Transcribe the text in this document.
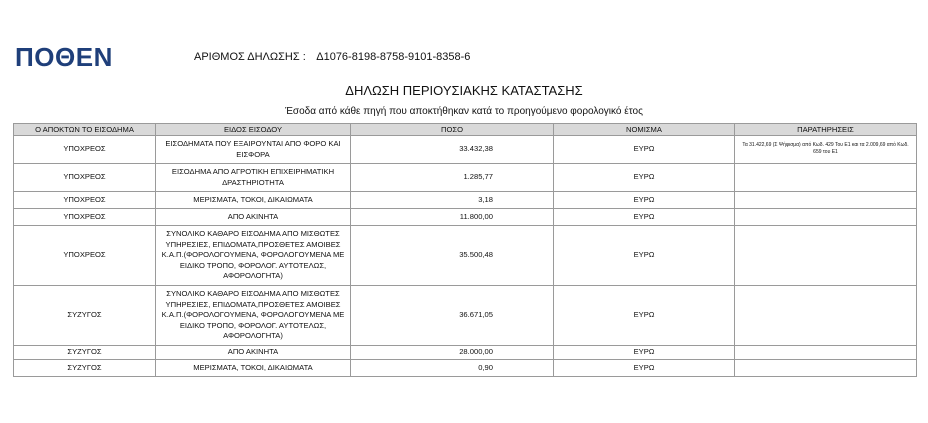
ΠΟΘΕΝ	ΑΡΙΘΜΟΣ ΔΗΛΩΣΗΣ : Δ1076-8198-8758-9101-8358-6
ΔΗΛΩΣΗ ΠΕΡΙΟΥΣΙΑΚΗΣ ΚΑΤΑΣΤΑΣΗΣ
Έσοδα από κάθε πηγή που αποκτήθηκαν κατά το προηγούμενο φορολογικό έτος
Ο ΑΠΟΚΤΩΝ ΤΟ ΕΙΣΟΔΗΜΑ	ΕΙΔΟΣ ΕΙΣΟΔΟΥ	ΠΟΣΟ	ΝΟΜΙΣΜΑ	ΠΑΡΑΤΗΡΗΣΕΙΣ
ΥΠΟΧΡΕΟΣ	ΕΙΣΟΔΗΜΑΤΑ ΠΟΥ ΕΞΑΙΡΟΥΝΤΑΙ ΑΠΟ ΦΟΡΟ ΚΑΙ ΕΙΣΦΟΡΑ	33.432,38	ΕΥΡΩ	Τα 31.422,69 (Σ Ψήφισμα) από Κωδ. 429 Του Ε1 και τα 2.009,69 από Κωδ. 659 του Ε1
ΥΠΟΧΡΕΟΣ	ΕΙΣΟΔΗΜΑ ΑΠΟ ΑΓΡΟΤΙΚΗ ΕΠΙΧΕΙΡΗΜΑΤΙΚΗ ΔΡΑΣΤΗΡΙΟΤΗΤΑ	1.285,77	ΕΥΡΩ	
ΥΠΟΧΡΕΟΣ	ΜΕΡΙΣΜΑΤΑ, ΤΟΚΟΙ, ΔΙΚΑΙΩΜΑΤΑ	3,18	ΕΥΡΩ	
ΥΠΟΧΡΕΟΣ	ΑΠΟ ΑΚΙΝΗΤΑ	11.800,00	ΕΥΡΩ	
ΥΠΟΧΡΕΟΣ	ΣΥΝΟΛΙΚΟ ΚΑΘΑΡΟ ΕΙΣΟΔΗΜΑ ΑΠΟ ΜΙΣΘΩΤΕΣ ΥΠΗΡΕΣΙΕΣ, ΕΠΙΔΟΜΑΤΑ,ΠΡΟΣΘΕΤΕΣ ΑΜΟΙΒΕΣ Κ.Α.Π.(ΦΟΡΟΛΟΓΟΥΜΕΝΑ, ΦΟΡΟΛΟΓΟΥΜΕΝΑ ΜΕ ΕΙΔΙΚΟ ΤΡΟΠΟ, ΦΟΡΟΛΟΓ. ΑΥΤΟΤΕΛΩΣ, ΑΦΟΡΟΛΟΓΗΤΑ)	35.500,48	ΕΥΡΩ	
ΣΥΖΥΓΟΣ	ΣΥΝΟΛΙΚΟ ΚΑΘΑΡΟ ΕΙΣΟΔΗΜΑ ΑΠΟ ΜΙΣΘΩΤΕΣ ΥΠΗΡΕΣΙΕΣ, ΕΠΙΔΟΜΑΤΑ,ΠΡΟΣΘΕΤΕΣ ΑΜΟΙΒΕΣ Κ.Α.Π.(ΦΟΡΟΛΟΓΟΥΜΕΝΑ, ΦΟΡΟΛΟΓΟΥΜΕΝΑ ΜΕ ΕΙΔΙΚΟ ΤΡΟΠΟ, ΦΟΡΟΛΟΓ. ΑΥΤΟΤΕΛΩΣ, ΑΦΟΡΟΛΟΓΗΤΑ)	36.671,05	ΕΥΡΩ	
ΣΥΖΥΓΟΣ	ΑΠΟ ΑΚΙΝΗΤΑ	28.000,00	ΕΥΡΩ	
ΣΥΖΥΓΟΣ	ΜΕΡΙΣΜΑΤΑ, ΤΟΚΟΙ, ΔΙΚΑΙΩΜΑΤΑ	0,90	ΕΥΡΩ	
